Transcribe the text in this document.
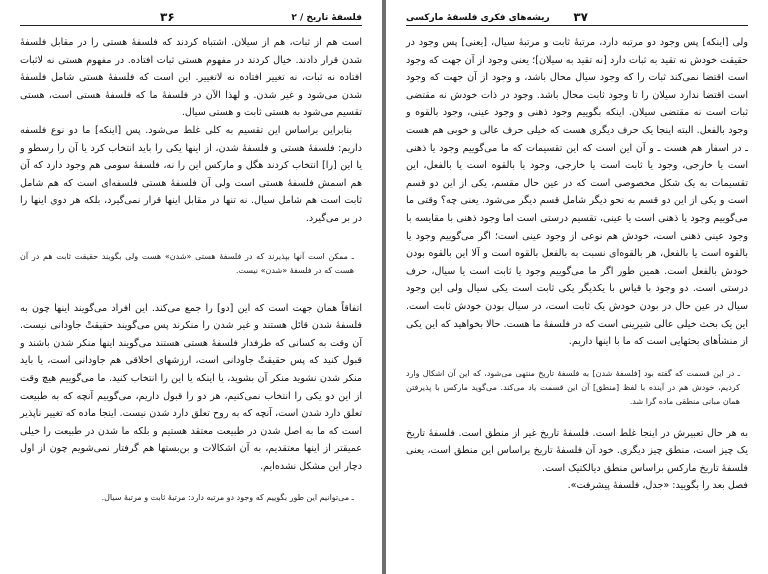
۳۶	فلسفهٔ تاریخ / ۲

است هم از ثبات، هم از سیلان. اشتباه کردند که فلسفهٔ هستی را در مقابل فلسفهٔ شدن قرار دادند. خیال کردند در مفهوم هستی ثبات افتاده. در مفهوم هستی نه لاثبات افتاده نه ثبات، نه تغییر افتاده نه لاتغییر. این است که فلسفهٔ هستی شامل فلسفهٔ شدن می‌شود و غیر شدن. و لهذا الآن در فلسفهٔ ما که فلسفهٔ هستی است، هستی تقسیم می‌شود به هستی ثابت و هستی سیال.

بنابراین براساس این تقسیم به کلی غلط می‌شود. پس [اینکه] ما دو نوع فلسفه داریم: فلسفهٔ هستی و فلسفهٔ شدن، از اینها یکی را باید انتخاب کرد یا آن را رسطو و یا این [را] انتخاب کردند هگل و مارکس این را نه، فلسفهٔ سومی هم وجود دارد که آن هم اسمش فلسفهٔ هستی است ولی آن فلسفهٔ هستی فلسفه‌ای است که هم شامل ثابت است هم شامل سیال. نه تنها در مقابل اینها قرار نمی‌گیرد، بلکه هر دوی اینها را در بر می‌گیرد.

ـ ممکن است آنها بپذیرند که در فلسفهٔ هستی «شدن» هست ولی بگویند حقیقت ثابت هم در آن هست که در فلسفهٔ «شدن» نیست.

اتفاقاً همان جهت است که این [دو] را جمع می‌کند. این افراد می‌گویند اینها چون به فلسفهٔ شدن قائل هستند و غیر شدن را منکرند پس می‌گویند حقیقتْ جاودانی نیست. آن وقت به کسانی که طرفدار فلسفهٔ هستی هستند می‌گویند اینها منکر شدن باشند و قبول کنید که پس حقیقتْ جاودانی است، ارزشهای اخلاقی هم جاودانی است، یا باید منکر شدن نشوید منکر آن بشوید، یا اینکه یا این را انتخاب کنید. ما می‌گوییم هیچ وقت از این دو یکی را انتخاب نمی‌کنیم، هر دو را قبول داریم، می‌گوییم آنچه که به طبیعت تعلق دارد شدن است، آنچه که به روح تعلق دارد شدن نیست. اینجا ماده که تغییر ناپذیر است که ما به اصل شدن در طبیعت معتقد هستیم و بلکه ما شدن در طبیعت را خیلی عمیقتر از اینها معتقدیم، به آن اشکالات و بن‌بستها هم گرفتار نمی‌شویم چون از اول دچار این مشکل نشده‌ایم.

ـ می‌توانیم این طور بگوییم که وجود دو مرتبه دارد: مرتبهٔ ثابت و مرتبهٔ سیال.

ریشه‌های فکری فلسفهٔ مارکسی ۳۷

ولی [اینکه] پس وجود دو مرتبه دارد، مرتبهٔ ثابت و مرتبهٔ سیال، [یعنی] پس وجود در حقیقت خودش نه تقید به ثبات دارد [نه تقید به سیلان]؛ یعنی وجود از آن جهت که وجود است اقتضا نمی‌کند ثبات را که وجود سیال محال باشد، و وجود از آن جهت که وجود است اقتضا ندارد سیلان را تا وجود ثابت محال باشد. وجود در ذات خودش نه مقتضی ثبات است نه مقتضی سیلان. اینکه بگوییم وجود ذهنی و وجود عینی، وجود بالقوه و وجود بالفعل. البته اینجا یک حرف دیگری هست که خیلی حرف عالی و خوبی هم هست ـ در اسفار هم هست ـ و آن این است که این تقسیمات که ما می‌گوییم وجود یا ذهنی است یا خارجی، وجود یا ثابت است یا خارجی، وجود یا بالقوه است یا بالفعل، این تقسیمات به یک شکل مخصوصی است که در عین حال مقسم، یکی از این دو قسم است و یکی از این دو قسم به نحو دیگر شامل قسم دیگر می‌شود. یعنی چه؟ وقتی ما می‌گوییم وجود یا ذهنی است یا عینی، تقسیم درستی است اما وجود ذهنی با مقایسه با وجود عینی ذهنی است، خودش هم نوعی از وجود عینی است؛ اگر می‌گوییم وجود یا بالقوه است یا بالفعل، هر بالقوه‌ای نسبت به بالفعل بالقوه است و آلا این بالقوه بودن خودش بالفعل است. همین طور اگر ما می‌گوییم وجود یا ثابت است یا سیال، حرف درستی است. دو وجود با قیاس با یکدیگر یکی ثابت است یکی سیال ولی این وجود سیال در عین حال در بودن خودش یک ثابت است، در سیال بودن خودش ثابت است. این یک بحث خیلی عالی شیرینی است که در فلسفهٔ ما هست. حالا بخواهید که این یکی از منشأهای بحثهایی است که ما با اینها داریم.

ـ در این قسمت که گفته بود [فلسفهٔ شدن] به فلسفهٔ تاریخ منتهی می‌شود، که این آن اشکال وارد کردیم، خودش هم در آینده با لفظ [منطق] آن این قسمت یاد می‌کند. می‌گوید مارکس با پذیرفتن همان مبانی منطقی ماده گرا شد.

به هر حال تعبیرش در اینجا غلط است. فلسفهٔ تاریخ غیر از منطق است. فلسفهٔ تاریخ یک چیز است، منطق چیز دیگری. خود آن فلسفهٔ تاریخ براساس این منطق است، یعنی فلسفهٔ تاریخ مارکس براساس منطق دیالکتیک است.

فصل بعد را بگویید: «جدل، فلسفهٔ پیشرفت».
